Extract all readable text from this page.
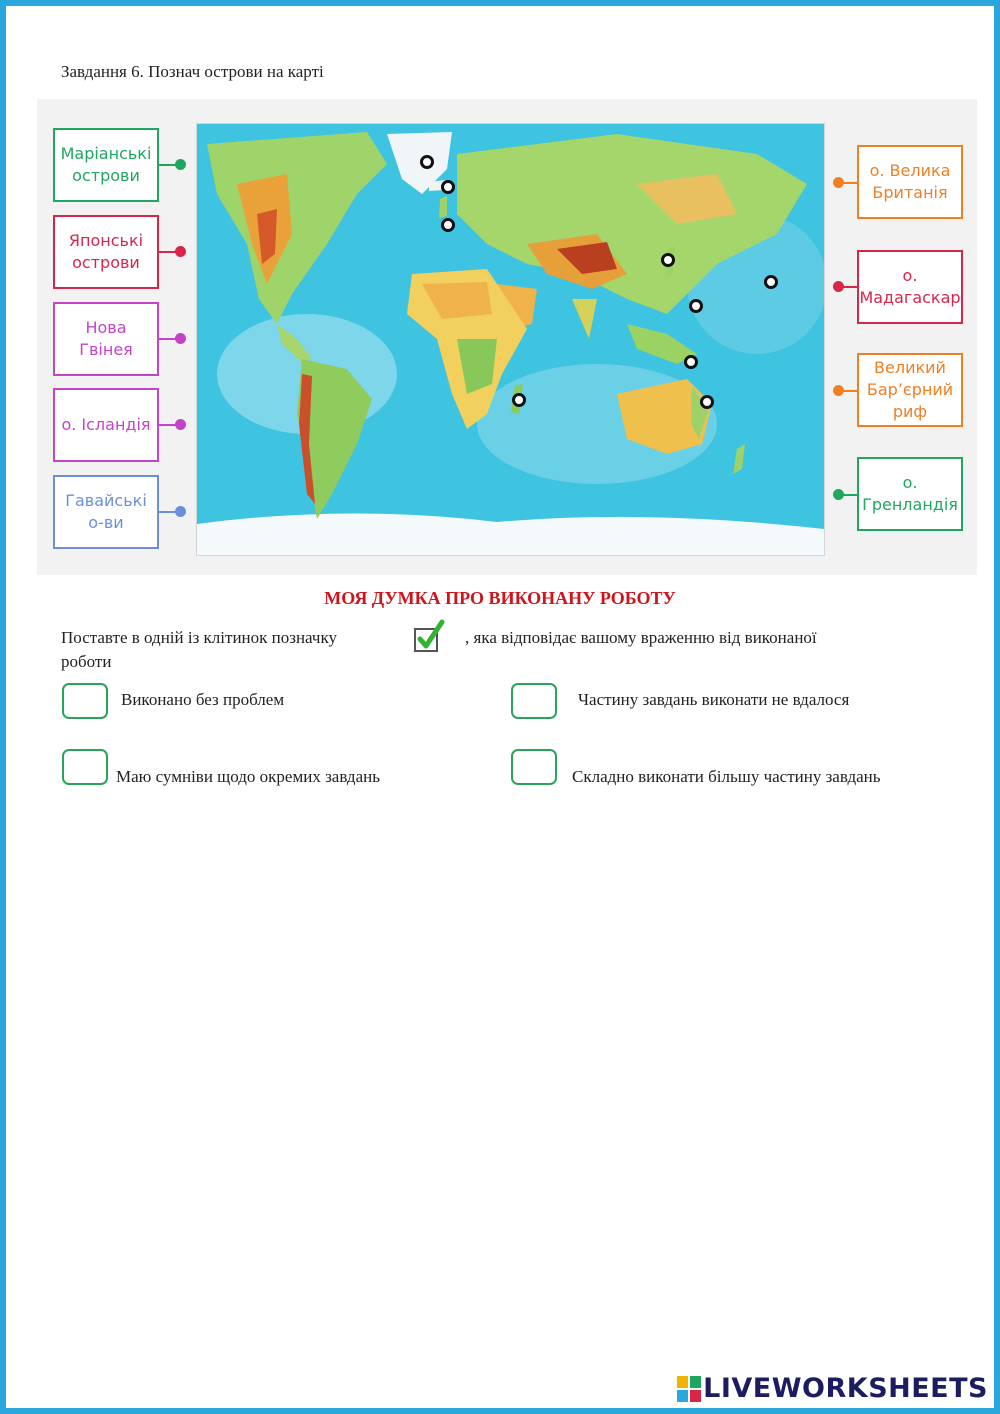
Завдання 6. Познач острови на карті
Маріанські
острови
Японські
острови
Нова
Гвінея
о. Ісландія
Гавайські
о-ви
о. Велика
Британія
о.
Мадагаскар
Великий
Бар’єрний
риф
о.
Гренландія
МОЯ ДУМКА ПРО ВИКОНАНУ РОБОТУ
Поставте в одній із клітинок позначку	, яка відповідає вашому враженню від виконаної
роботи
Виконано без проблем	Частину завдань виконати не вдалося
Маю сумніви щодо окремих завдань	Складно виконати більшу частину завдань
LIVEWORKSHEETS
